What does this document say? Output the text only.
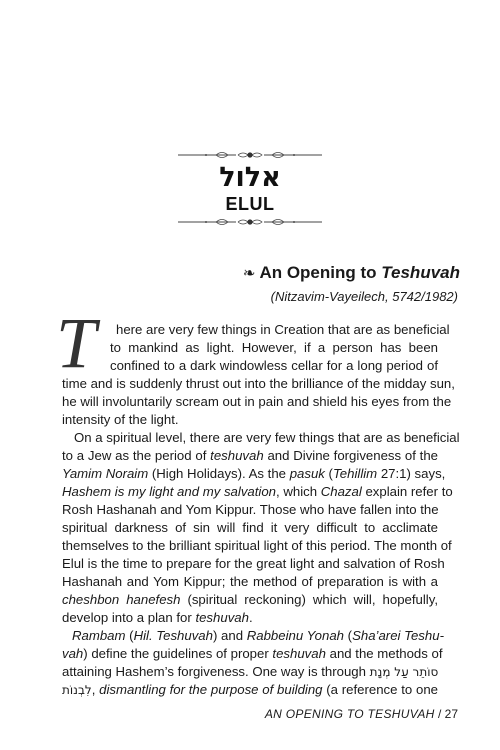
אלול
ELUL
❧ An Opening to Teshuvah
(Nitzavim-Vayeilech, 5742/1982)
T here are very few things in Creation that are as beneficial
to mankind as light. However, if a person has been
confined to a dark windowless cellar for a long period of
time and is suddenly thrust out into the brilliance of the midday sun,
he will involuntarily scream out in pain and shield his eyes from the
intensity of the light.
On a spiritual level, there are very few things that are as beneficial
to a Jew as the period of teshuvah and Divine forgiveness of the
Yamim Noraim (High Holidays). As the pasuk (Tehillim 27:1) says,
Hashem is my light and my salvation, which Chazal explain refer to
Rosh Hashanah and Yom Kippur. Those who have fallen into the
spiritual darkness of sin will find it very difficult to acclimate
themselves to the brilliant spiritual light of this period. The month of
Elul is the time to prepare for the great light and salvation of Rosh
Hashanah and Yom Kippur; the method of preparation is with a
cheshbon hanefesh (spiritual reckoning) which will, hopefully,
develop into a plan for teshuvah.
Rambam (Hil. Teshuvah) and Rabbeinu Yonah (Sha’arei Teshu-
vah) define the guidelines of proper teshuvah and the methods of
attaining Hashem’s forgiveness. One way is through סוֹתֵר עַל מְנָת
לִבְנוֹת, dismantling for the purpose of building (a reference to one
AN OPENING TO TESHUVAH / 27
